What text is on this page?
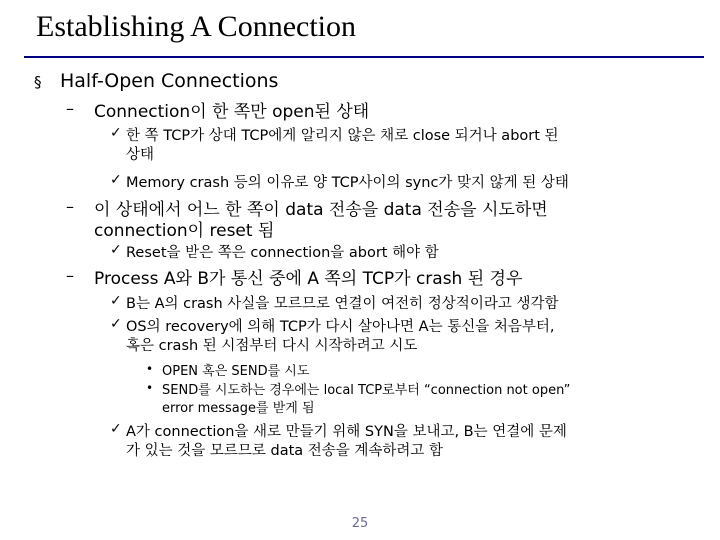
Establishing A Connection
§ Half-Open Connections
– Connection이 한 쪽만 open된 상태
✓ 한 쪽 TCP가 상대 TCP에게 알리지 않은 채로 close 되거나 abort 된
상태
✓ Memory crash 등의 이유로 양 TCP사이의 sync가 맞지 않게 된 상태
– 이 상태에서 어느 한 쪽이 data 전송을 data 전송을 시도하면
connection이 reset 됨
✓ Reset을 받은 쪽은 connection을 abort 해야 함
– Process A와 B가 통신 중에 A 쪽의 TCP가 crash 된 경우
✓ B는 A의 crash 사실을 모르므로 연결이 여전히 정상적이라고 생각함
✓ OS의 recovery에 의해 TCP가 다시 살아나면 A는 통신을 처음부터,
혹은 crash 된 시점부터 다시 시작하려고 시도
• OPEN 혹은 SEND를 시도
• SEND를 시도하는 경우에는 local TCP로부터 “connection not open”
error message를 받게 됨
✓ A가 connection을 새로 만들기 위해 SYN을 보내고, B는 연결에 문제
가 있는 것을 모르므로 data 전송을 계속하려고 함
25
